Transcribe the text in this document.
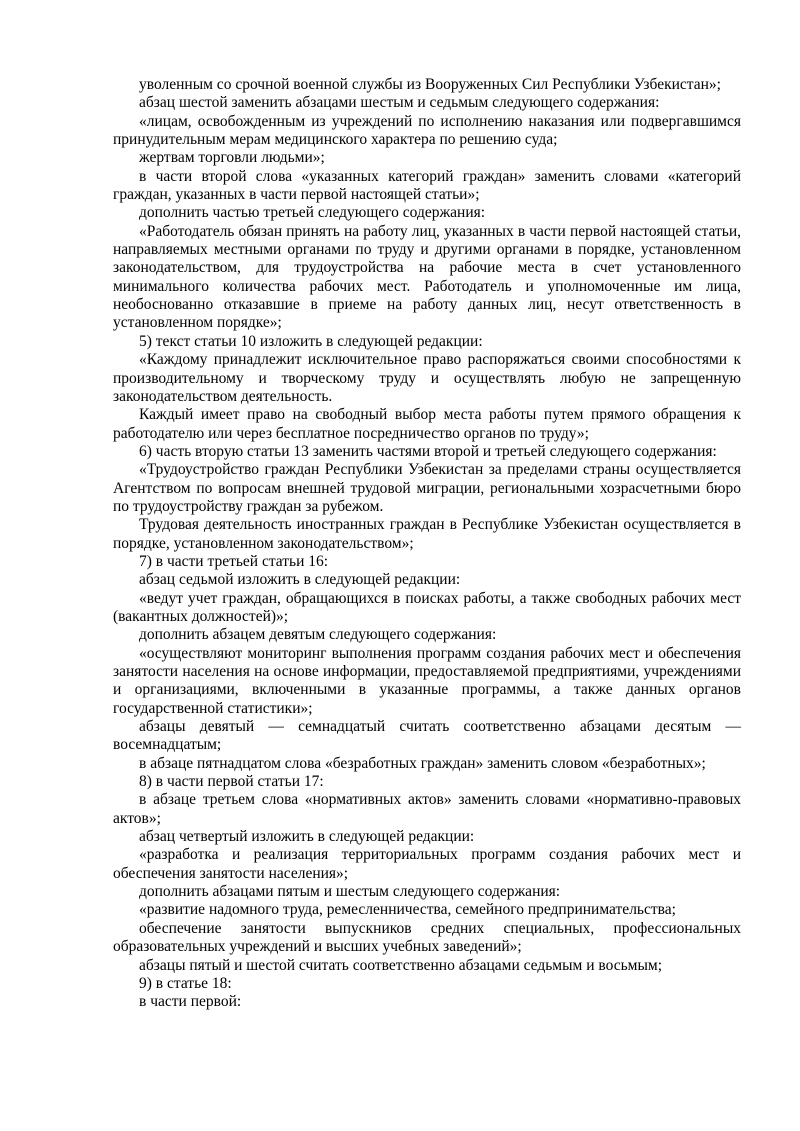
уволенным со срочной военной службы из Вооруженных Сил Республики Узбекистан»;

абзац шестой заменить абзацами шестым и седьмым следующего содержания:

«лицам, освобожденным из учреждений по исполнению наказания или подвергавшимся принудительным мерам медицинского характера по решению суда;

жертвам торговли людьми»;

в части второй слова «указанных категорий граждан» заменить словами «категорий граждан, указанных в части первой настоящей статьи»;

дополнить частью третьей следующего содержания:

«Работодатель обязан принять на работу лиц, указанных в части первой настоящей статьи, направляемых местными органами по труду и другими органами в порядке, установленном законодательством, для трудоустройства на рабочие места в счет установленного минимального количества рабочих мест. Работодатель и уполномоченные им лица, необоснованно отказавшие в приеме на работу данных лиц, несут ответственность в установленном порядке»;

5) текст статьи 10 изложить в следующей редакции:

«Каждому принадлежит исключительное право распоряжаться своими способностями к производительному и творческому труду и осуществлять любую не запрещенную законодательством деятельность.

Каждый имеет право на свободный выбор места работы путем прямого обращения к работодателю или через бесплатное посредничество органов по труду»;

6) часть вторую статьи 13 заменить частями второй и третьей следующего содержания:

«Трудоустройство граждан Республики Узбекистан за пределами страны осуществляется Агентством по вопросам внешней трудовой миграции, региональными хозрасчетными бюро по трудоустройству граждан за рубежом.

Трудовая деятельность иностранных граждан в Республике Узбекистан осуществляется в порядке, установленном законодательством»;

7) в части третьей статьи 16:

абзац седьмой изложить в следующей редакции:

«ведут учет граждан, обращающихся в поисках работы, а также свободных рабочих мест (вакантных должностей)»;

дополнить абзацем девятым следующего содержания:

«осуществляют мониторинг выполнения программ создания рабочих мест и обеспечения занятости населения на основе информации, предоставляемой предприятиями, учреждениями и организациями, включенными в указанные программы, а также данных органов государственной статистики»;

абзацы девятый — семнадцатый считать соответственно абзацами десятым — восемнадцатым;

в абзаце пятнадцатом слова «безработных граждан» заменить словом «безработных»;

8) в части первой статьи 17:

в абзаце третьем слова «нормативных актов» заменить словами «нормативно-правовых актов»;

абзац четвертый изложить в следующей редакции:

«разработка и реализация территориальных программ создания рабочих мест и обеспечения занятости населения»;

дополнить абзацами пятым и шестым следующего содержания:

«развитие надомного труда, ремесленничества, семейного предпринимательства;

обеспечение занятости выпускников средних специальных, профессиональных образовательных учреждений и высших учебных заведений»;

абзацы пятый и шестой считать соответственно абзацами седьмым и восьмым;

9) в статье 18:

в части первой:
